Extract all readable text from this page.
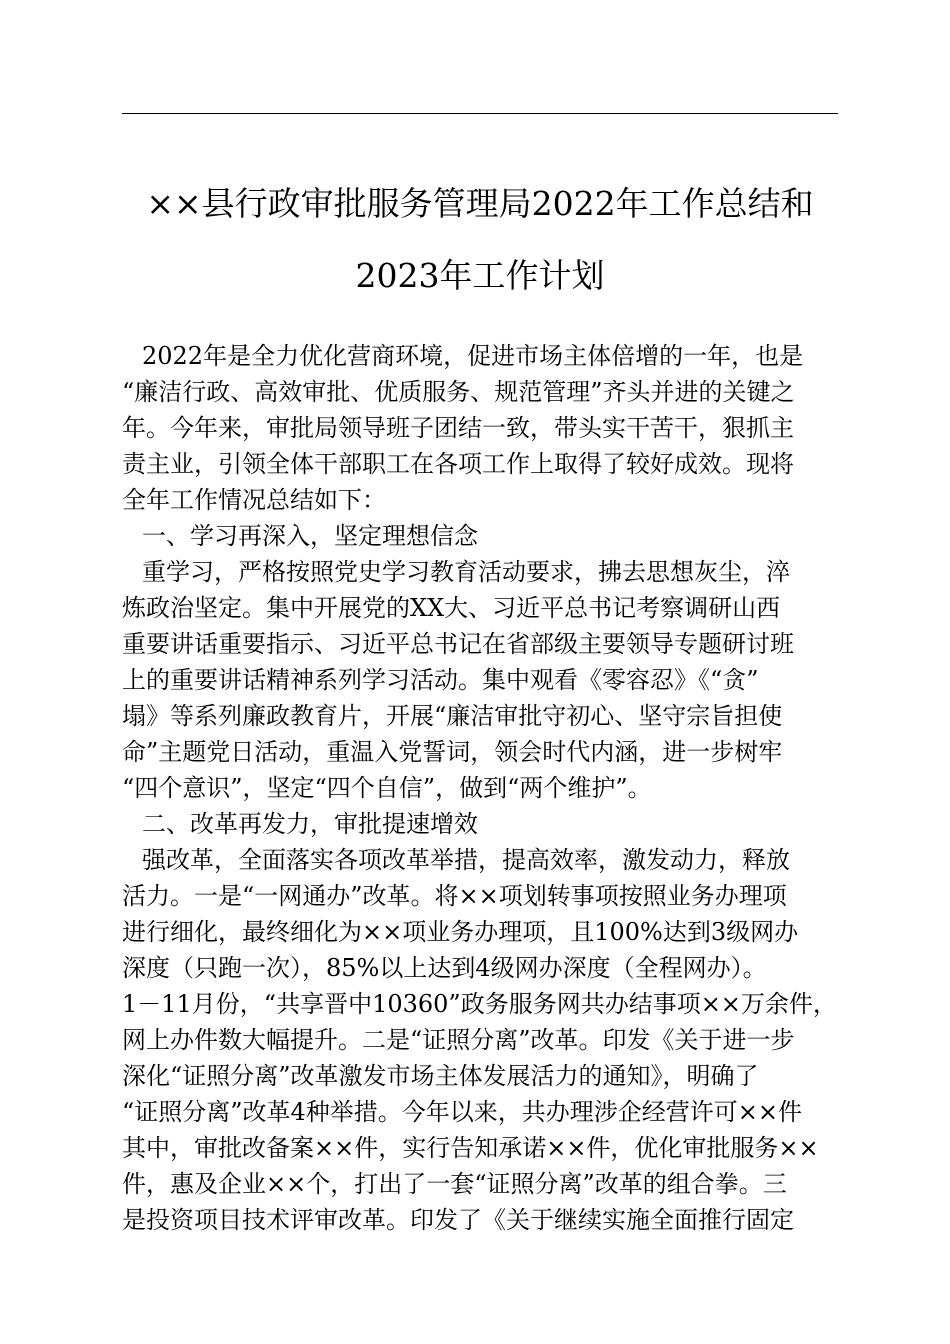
××县行政审批服务管理局2022年工作总结和
2023年工作计划
2022年是全力优化营商环境，促进市场主体倍增的一年，也是
“廉洁行政、高效审批、优质服务、规范管理”齐头并进的关键之
年。今年来，审批局领导班子团结一致，带头实干苦干，狠抓主
责主业，引领全体干部职工在各项工作上取得了较好成效。现将
全年工作情况总结如下：
一、学习再深入，坚定理想信念
重学习，严格按照党史学习教育活动要求，拂去思想灰尘，淬
炼政治坚定。集中开展党的XX大、习近平总书记考察调研山西
重要讲话重要指示、习近平总书记在省部级主要领导专题研讨班
上的重要讲话精神系列学习活动。集中观看《零容忍》《“贪”
塌》等系列廉政教育片，开展“廉洁审批守初心、坚守宗旨担使
命”主题党日活动，重温入党誓词，领会时代内涵，进一步树牢
“四个意识”，坚定“四个自信”，做到“两个维护”。
二、改革再发力，审批提速增效
强改革，全面落实各项改革举措，提高效率，激发动力，释放
活力。一是“一网通办”改革。将××项划转事项按照业务办理项
进行细化，最终细化为××项业务办理项，且100%达到3级网办
深度（只跑一次），85%以上达到4级网办深度（全程网办）。
1－11月份，“共享晋中10360”政务服务网共办结事项××万余件，
网上办件数大幅提升。二是“证照分离”改革。印发《关于进一步
深化“证照分离”改革激发市场主体发展活力的通知》，明确了
“证照分离”改革4种举措。今年以来，共办理涉企经营许可××件
其中，审批改备案××件，实行告知承诺××件，优化审批服务××
件，惠及企业××个，打出了一套“证照分离”改革的组合拳。三
是投资项目技术评审改革。印发了《关于继续实施全面推行固定
